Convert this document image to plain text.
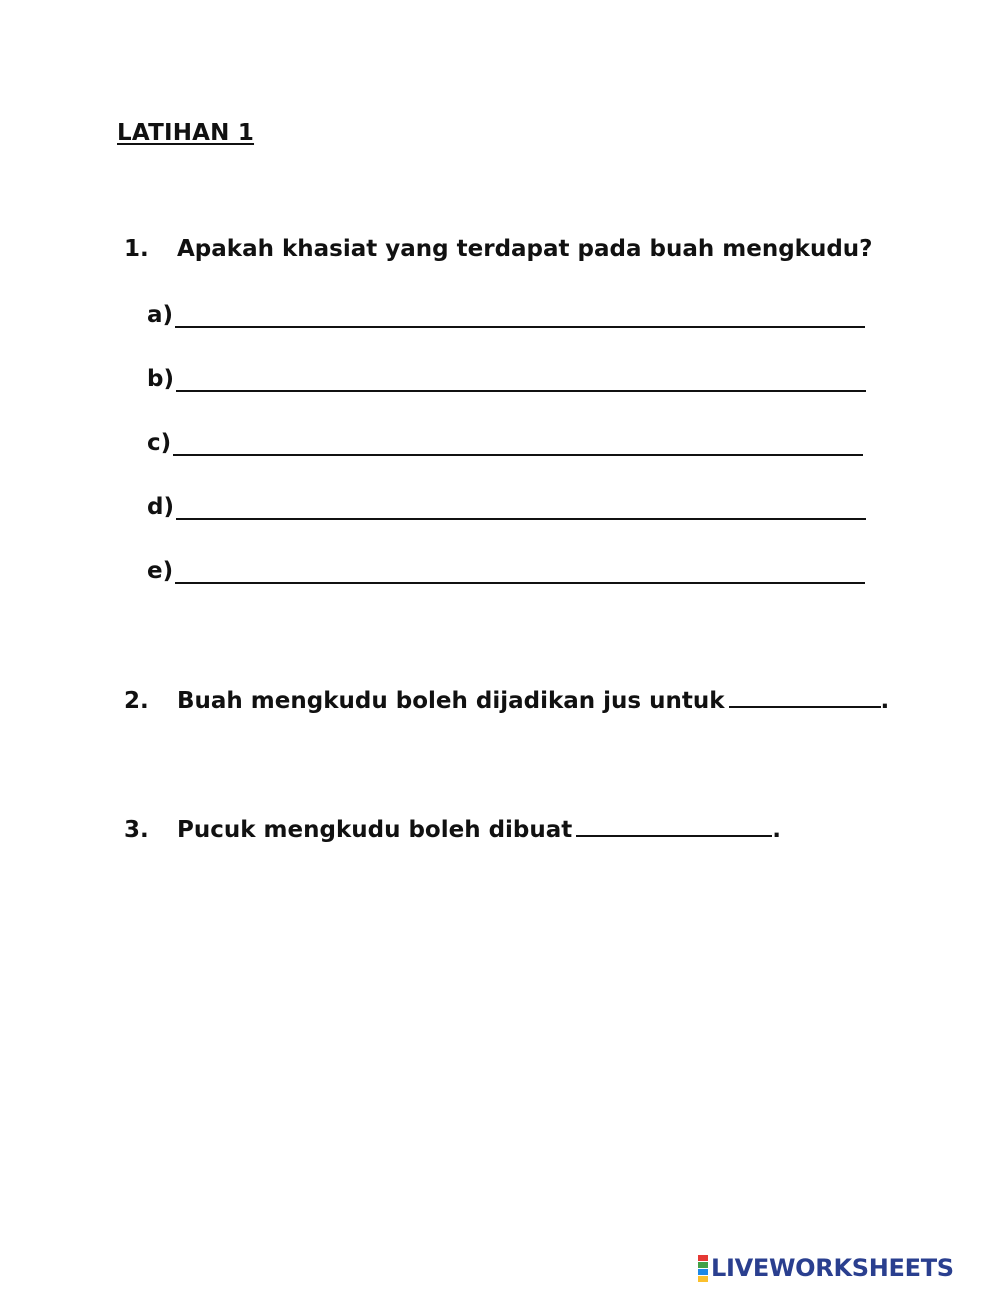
LATIHAN 1
1. Apakah khasiat yang terdapat pada buah mengkudu?
a)
b)
c)
d)
e)
2. Buah mengkudu boleh dijadikan jus untuk	.
3. Pucuk mengkudu boleh dibuat	.
LIVEWORKSHEETS
